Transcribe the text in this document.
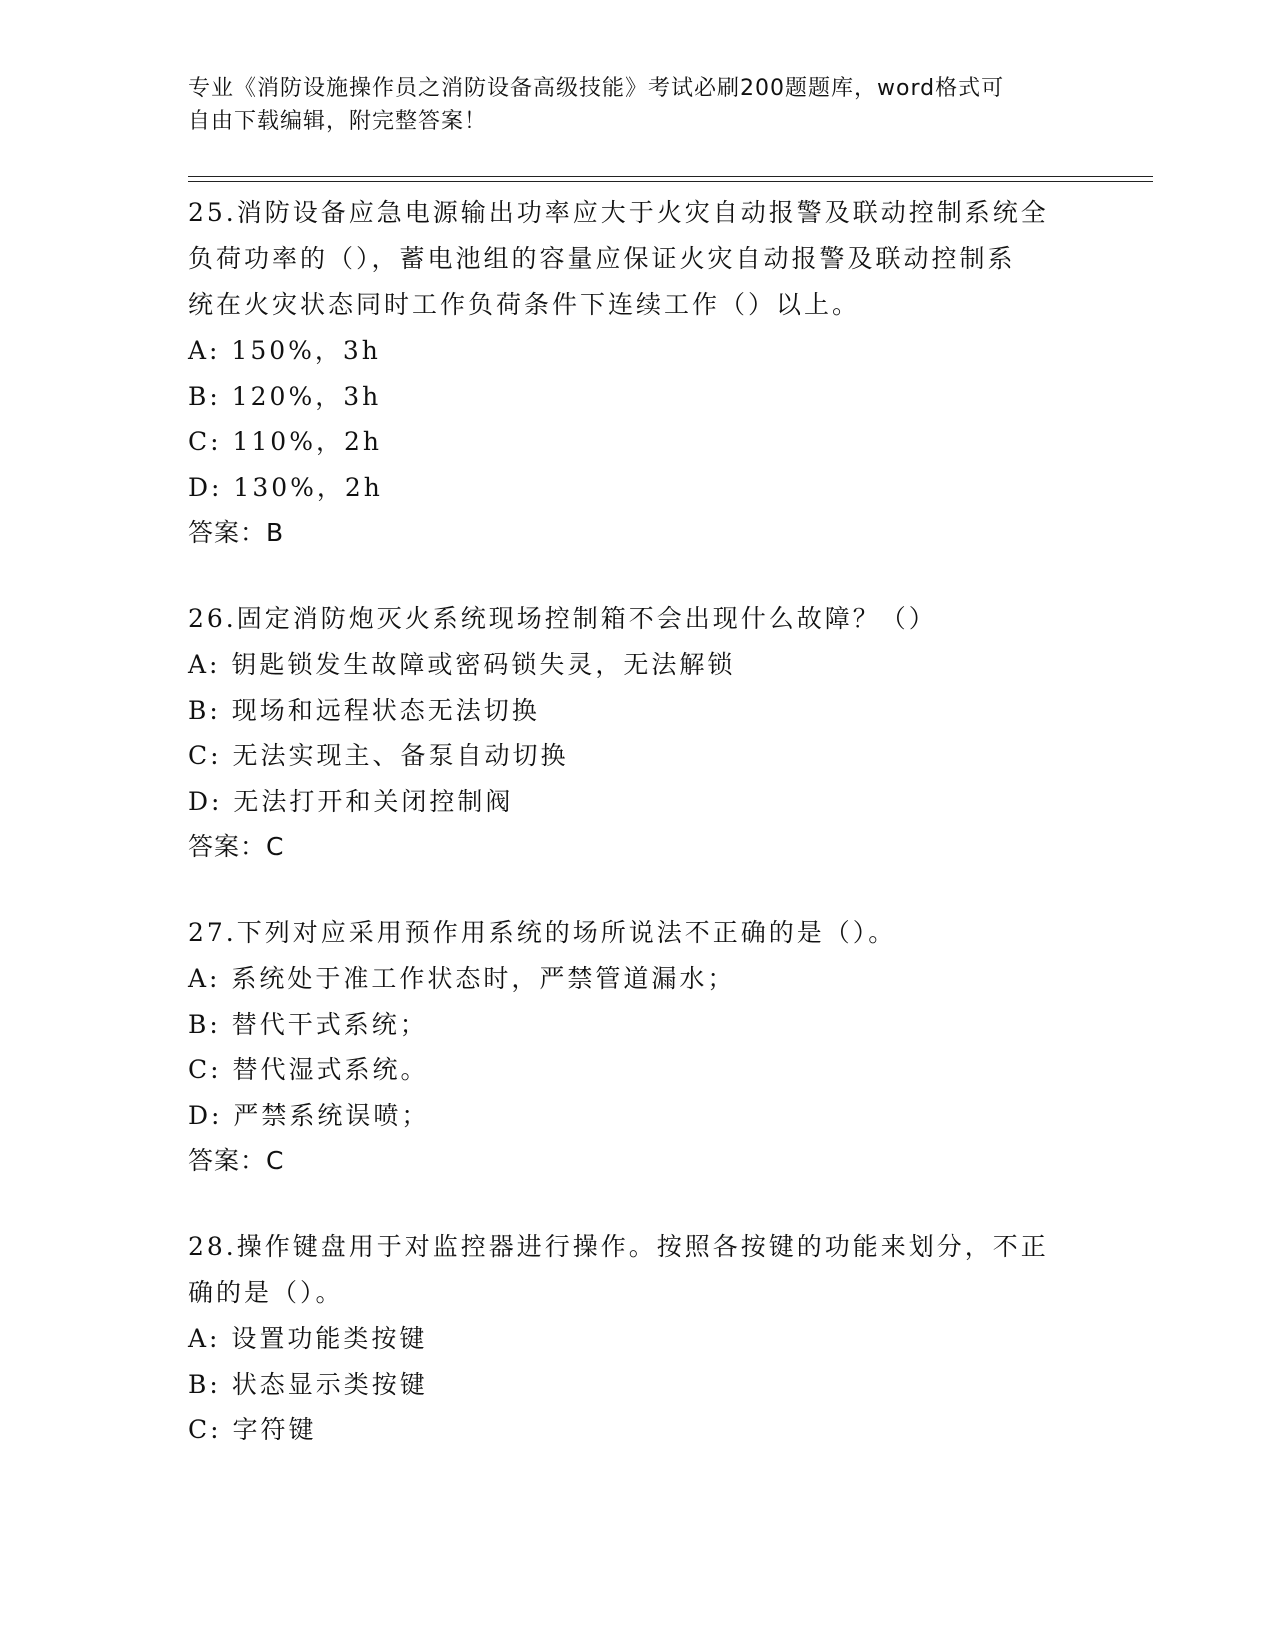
专业《消防设施操作员之消防设备高级技能》考试必刷200题题库，word格式可
自由下载编辑，附完整答案！

25.消防设备应急电源输出功率应大于火灾自动报警及联动控制系统全

负荷功率的（），蓄电池组的容量应保证火灾自动报警及联动控制系

统在火灾状态同时工作负荷条件下连续工作（）以上。

A: 150%，3h

B: 120%，3h

C: 110%，2h

D: 130%，2h

答案：B

26.固定消防炮灭火系统现场控制箱不会出现什么故障？（）

A: 钥匙锁发生故障或密码锁失灵，无法解锁

B: 现场和远程状态无法切换

C: 无法实现主、备泵自动切换

D: 无法打开和关闭控制阀

答案：C

27.下列对应采用预作用系统的场所说法不正确的是（）。

A: 系统处于准工作状态时，严禁管道漏水；

B: 替代干式系统；

C: 替代湿式系统。

D: 严禁系统误喷；

答案：C

28.操作键盘用于对监控器进行操作。按照各按键的功能来划分，不正

确的是（）。

A: 设置功能类按键

B: 状态显示类按键

C: 字符键
